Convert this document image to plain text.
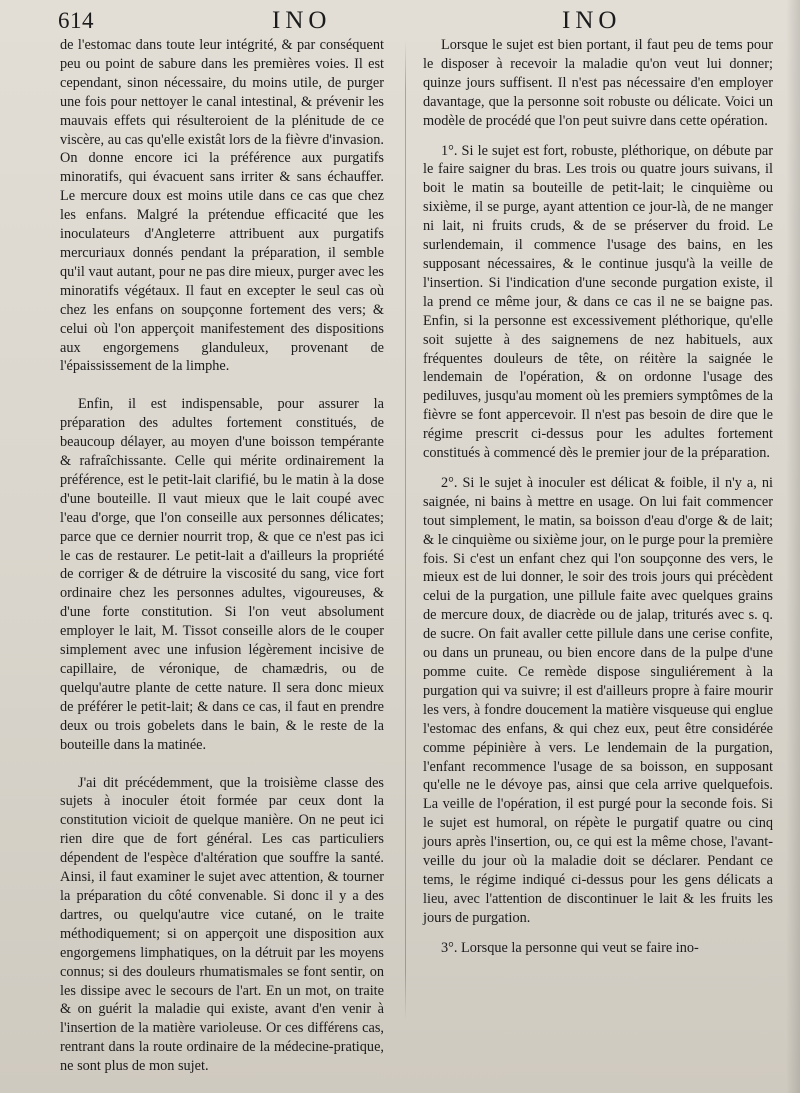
614	INO	INO

de l'estomac dans toute leur intégrité, & par conséquent peu ou point de sabure dans les premières voies. Il est cependant, sinon nécessaire, du moins utile, de purger une fois pour nettoyer le canal intestinal, & prévenir les mauvais effets qui résulteroient de la plénitude de ce viscère, au cas qu'elle existât lors de la fièvre d'invasion. On donne encore ici la préférence aux purgatifs minoratifs, qui évacuent sans irriter & sans échauffer. Le mercure doux est moins utile dans ce cas que chez les enfans. Malgré la prétendue efficacité que les inoculateurs d'Angleterre attribuent aux purgatifs mercuriaux donnés pendant la préparation, il semble qu'il vaut autant, pour ne pas dire mieux, purger avec les minoratifs végétaux. Il faut en excepter le seul cas où chez les enfans on soupçonne fortement des vers; & celui où l'on apperçoit manifestement des dispositions aux engorgemens glanduleux, provenant de l'épaississement de la limphe.

Enfin, il est indispensable, pour assurer la préparation des adultes fortement constitués, de beaucoup délayer, au moyen d'une boisson tempérante & rafraîchissante. Celle qui mérite ordinairement la préférence, est le petit-lait clarifié, bu le matin à la dose d'une bouteille. Il vaut mieux que le lait coupé avec l'eau d'orge, que l'on conseille aux personnes délicates; parce que ce dernier nourrit trop, & que ce n'est pas ici le cas de restaurer. Le petit-lait a d'ailleurs la propriété de corriger & de détruire la viscosité du sang, vice fort ordinaire chez les personnes adultes, vigoureuses, & d'une forte constitution. Si l'on veut absolument employer le lait, M. Tissot conseille alors de le couper simplement avec une infusion légèrement incisive de capillaire, de véronique, de chamædris, ou de quelqu'autre plante de cette nature. Il sera donc mieux de préférer le petit-lait; & dans ce cas, il faut en prendre deux ou trois gobelets dans le bain, & le reste de la bouteille dans la matinée.

J'ai dit précédemment, que la troisième classe des sujets à inoculer étoit formée par ceux dont la constitution vicioit de quelque manière. On ne peut ici rien dire que de fort général. Les cas particuliers dépendent de l'espèce d'altération que souffre la santé. Ainsi, il faut examiner le sujet avec attention, & tourner la préparation du côté convenable. Si donc il y a des dartres, ou quelqu'autre vice cutané, on le traite méthodiquement; si on apperçoit une disposition aux engorgemens limphatiques, on la détruit par les moyens connus; si des douleurs rhumatismales se font sentir, on les dissipe avec le secours de l'art. En un mot, on traite & on guérit la maladie qui existe, avant d'en venir à l'insertion de la matière varioleuse. Or ces différens cas, rentrant dans la route ordinaire de la médecine-pratique, ne sont plus de mon sujet.

Lorsque le sujet est bien portant, il faut peu de tems pour le disposer à recevoir la maladie qu'on veut lui donner; quinze jours suffisent. Il n'est pas nécessaire d'en employer davantage, que la personne soit robuste ou délicate. Voici un modèle de procédé que l'on peut suivre dans cette opération.

1°. Si le sujet est fort, robuste, pléthorique, on débute par le faire saigner du bras. Les trois ou quatre jours suivans, il boit le matin sa bouteille de petit-lait; le cinquième ou sixième, il se purge, ayant attention ce jour-là, de ne manger ni lait, ni fruits cruds, & de se préserver du froid. Le surlendemain, il commence l'usage des bains, en les supposant nécessaires, & le continue jusqu'à la veille de l'insertion. Si l'indication d'une seconde purgation existe, il la prend ce même jour, & dans ce cas il ne se baigne pas. Enfin, si la personne est excessivement pléthorique, qu'elle soit sujette à des saignemens de nez habituels, aux fréquentes douleurs de tête, on réitère la saignée le lendemain de l'opération, & on ordonne l'usage des pediluves, jusqu'au moment où les premiers symptômes de la fièvre se font appercevoir. Il n'est pas besoin de dire que le régime prescrit ci-dessus pour les adultes fortement constitués à commencé dès le premier jour de la préparation.

2°. Si le sujet à inoculer est délicat & foible, il n'y a, ni saignée, ni bains à mettre en usage. On lui fait commencer tout simplement, le matin, sa boisson d'eau d'orge & de lait; & le cinquième ou sixième jour, on le purge pour la première fois. Si c'est un enfant chez qui l'on soupçonne des vers, le mieux est de lui donner, le soir des trois jours qui précèdent celui de la purgation, une pillule faite avec quelques grains de mercure doux, de diacrède ou de jalap, triturés avec s. q. de sucre. On fait avaller cette pillule dans une cerise confite, ou dans un pruneau, ou bien encore dans de la pulpe d'une pomme cuite. Ce remède dispose singuliérement à la purgation qui va suivre; il est d'ailleurs propre à faire mourir les vers, à fondre doucement la matière visqueuse qui englue l'estomac des enfans, & qui chez eux, peut être considérée comme pépinière à vers. Le lendemain de la purgation, l'enfant recommence l'usage de sa boisson, en supposant qu'elle ne le dévoye pas, ainsi que cela arrive quelquefois. La veille de l'opération, il est purgé pour la seconde fois. Si le sujet est humoral, on répète le purgatif quatre ou cinq jours après l'insertion, ou, ce qui est la même chose, l'avant-veille du jour où la maladie doit se déclarer. Pendant ce tems, le régime indiqué ci-dessus pour les gens délicats a lieu, avec l'attention de discontinuer le lait & les fruits les jours de purgation.

3°. Lorsque la personne qui veut se faire ino-
